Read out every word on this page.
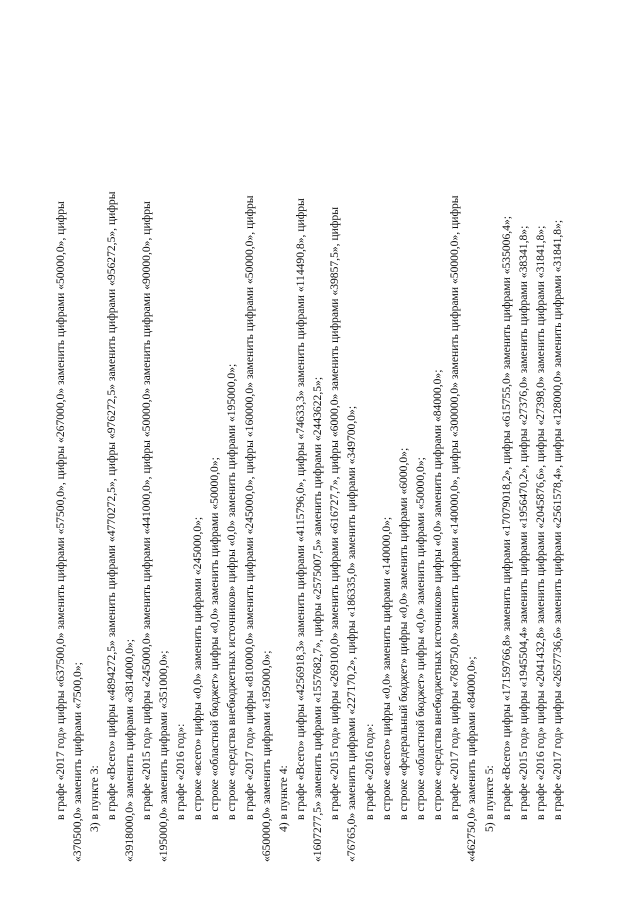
в графе «2017 год» цифры «637500,0» заменить цифрами «57500,0», цифры «267000,0» заменить цифрами «50000,0», цифры «370500,0» заменить цифрами «7500,0»; 3) в пункте 3: в графе «Всего» цифры «4894272,5» заменить цифрами «4770272,5», цифры «976272,5» заменить цифрами «956272,5», цифры «3918000,0» заменить цифрами «3814000,0»; в графе «2015 год» цифры «245000,0» заменить цифрами «441000,0», цифры «50000,0» заменить цифрами «90000,0», цифры «195000,0» заменить цифрами «351000,0»; в графе «2016 год»: в строке «всего» цифры «0,0» заменить цифрами «245000,0»; в строке «областной бюджет» цифры «0,0» заменить цифрами «50000,0»; в строке «средства внебюджетных источников» цифры «0,0» заменить цифрами «195000,0»; в графе «2017 год» цифры «810000,0» заменить цифрами «245000,0», цифры «160000,0» заменить цифрами «50000,0», цифры «650000,0» заменить цифрами «195000,0»; 4) в пункте 4: в графе «Всего» цифры «4256918,3» заменить цифрами «4115796,0», цифры «74633,3» заменить цифрами «114490,8», цифры «1607277,5» заменить цифрами «1557682,7», цифры «2575007,5» заменить цифрами «2443622,5»; в графе «2015 год» цифры «269100,0» заменить цифрами «616727,7», цифры «6000,0» заменить цифрами «39857,5», цифры «76765,0» заменить цифрами «227170,2», цифры «186335,0» заменить цифрами «349700,0»; в графе «2016 год»: в строке «всего» цифры «0,0» заменить цифрами «140000,0»; в строке «федеральный бюджет» цифры «0,0» заменить цифрами «6000,0»; в строке «областной бюджет» цифры «0,0» заменить цифрами «50000,0»; в строке «средства внебюджетных источников» цифры «0,0» заменить цифрами «84000,0»; в графе «2017 год» цифры «768750,0» заменить цифрами «140000,0», цифры «300000,0» заменить цифрами «50000,0», цифры «462750,0» заменить цифрами «84000,0»; 5) в пункте 5: в графе «Всего» цифры «17159766,8» заменить цифрами «17079018,2», цифры «615755,0» заменить цифрами «535006,4»; в графе «2015 год» цифры «1945504,4» заменить цифрами «1956470,2», цифры «27376,0» заменить цифрами «38341,8»; в графе «2016 год» цифры «2041432,8» заменить цифрами «2045876,6», цифры «27398,0» заменить цифрами «31841,8»; в графе «2017 год» цифры «2657736,6» заменить цифрами «2561578,4», цифры «128000,0» заменить цифрами «31841,8»;
